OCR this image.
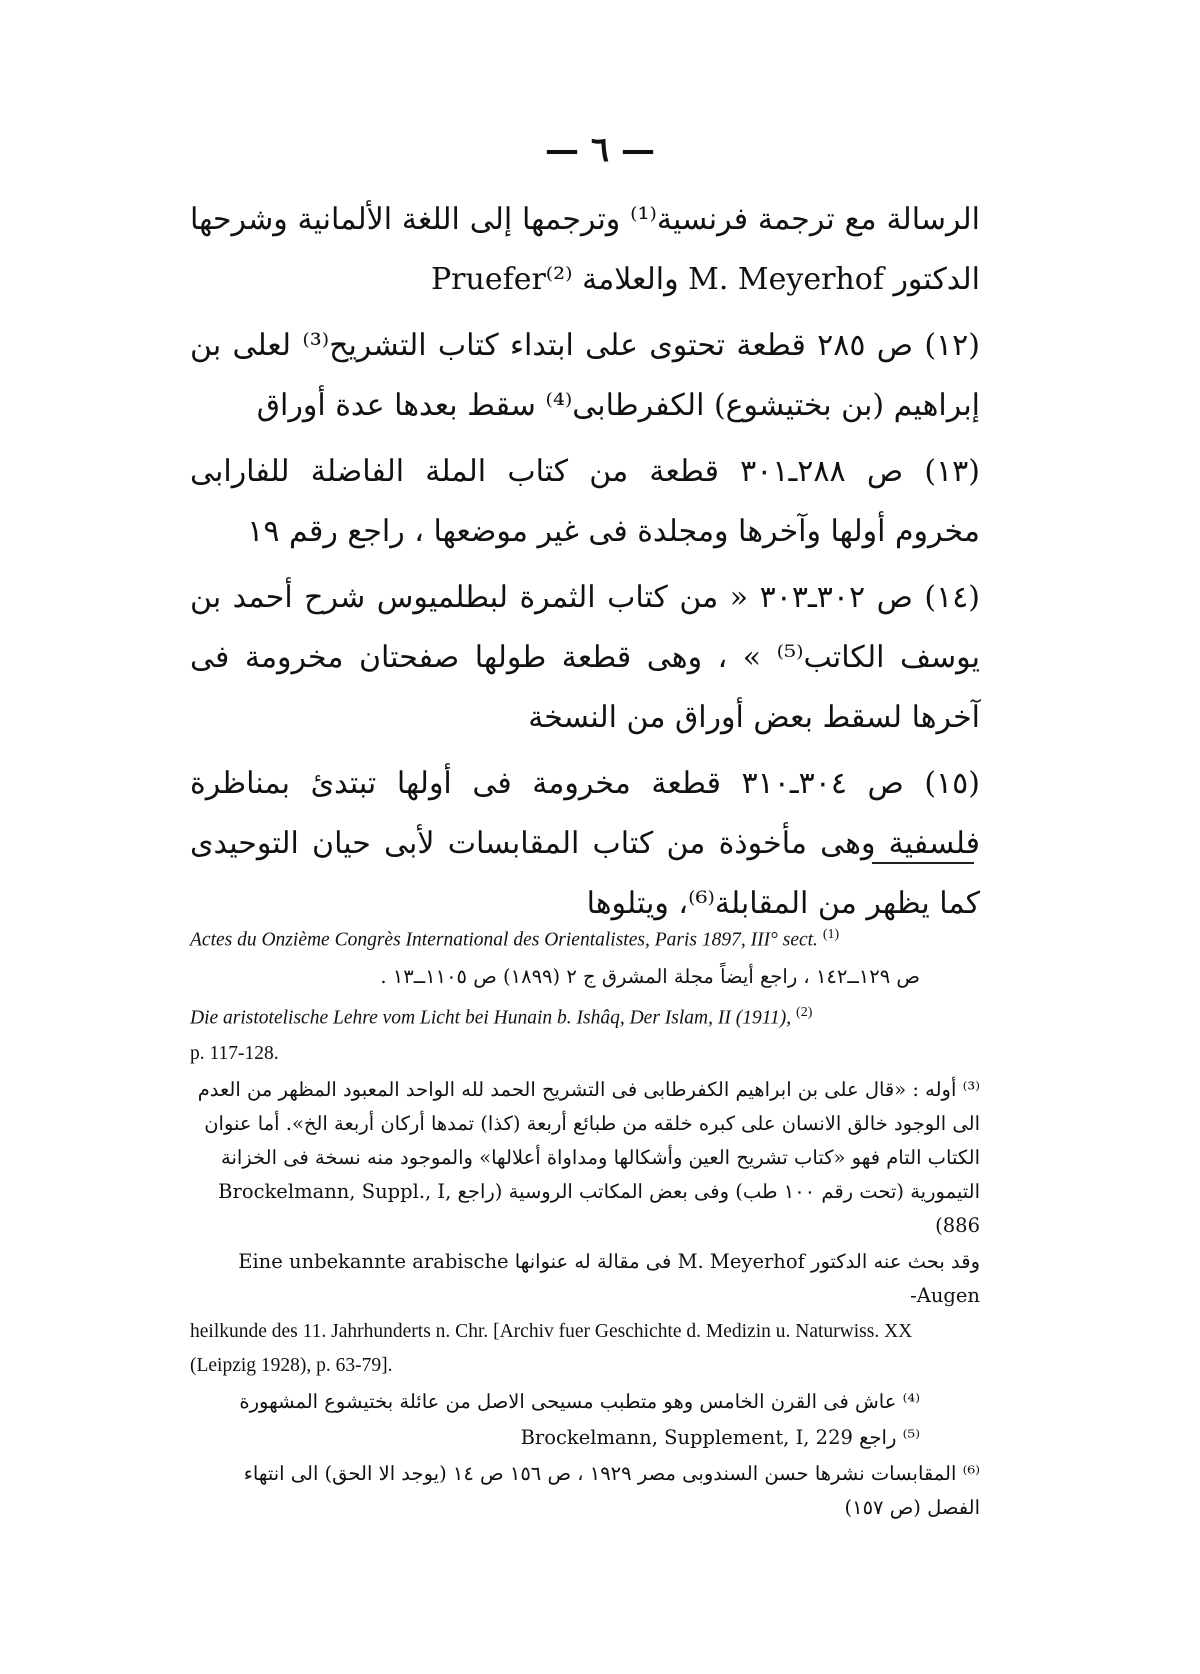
— ٦ —

الرسالة مع ترجمة فرنسية⁽¹⁾ وترجمها إلى اللغة الألمانية وشرحها الدكتور M. Meyerhof والعلامة Pruefer⁽²⁾

(١٢) ص ٢٨٥ قطعة تحتوى على ابتداء كتاب التشريح⁽³⁾ لعلى بن إبراهيم (بن بختيشوع) الكفرطابى⁽⁴⁾ سقط بعدها عدة أوراق

(١٣) ص ٢٨٨ـ٣٠١ قطعة من كتاب الملة الفاضلة للفارابى مخروم أولها وآخرها ومجلدة فى غير موضعها ، راجع رقم ١٩

(١٤) ص ٣٠٢ـ٣٠٣ « من كتاب الثمرة لبطلميوس شرح أحمد بن يوسف الكاتب⁽⁵⁾ » ، وهى قطعة طولها صفحتان مخرومة فى آخرها لسقط بعض أوراق من النسخة

(١٥) ص ٣٠٤ـ٣١٠ قطعة مخرومة فى أولها تبتدئ بمناظرة فلسفية وهى مأخوذة من كتاب المقابسات لأبى حيان التوحيدى كما يظهر من المقابلة⁽⁶⁾، ويتلوها

Actes du Onzième Congrès International des Orientalistes, Paris 1897, III° sect. $^{(1)}$
ص ١٢٩ــ١٤٢ ، راجع أيضاً مجلة المشرق ج ٢ (١٨٩٩) ص ١١٠٥ــ١٣ .
Die aristotelische Lehre vom Licht bei Hunain b. Ishâq, Der Islam, II (1911), $^{(2)}$
p. 117-128.
⁽³⁾ أوله : «قال على بن ابراهيم الكفرطابى فى التشريح الحمد لله الواحد المعبود المظهر من العدم الى الوجود خالق الانسان على كبره خلقه من طبائع أربعة (كذا) تمدها أركان أربعة الخ». أما عنوان الكتاب التام فهو «كتاب تشريح العين وأشكالها ومداواة أعلالها» والموجود منه نسخة فى الخزانة التيمورية (تحت رقم ١٠٠ طب) وفى بعض المكاتب الروسية (راجع Brockelmann, Suppl., I, 886)
وقد بحث عنه الدكتور M. Meyerhof فى مقالة له عنوانها Eine unbekannte arabische Augen-
heilkunde des 11. Jahrhunderts n. Chr. [Archiv fuer Geschichte d. Medizin u. Naturwiss. XX (Leipzig 1928), p. 63-79].
⁽⁴⁾ عاش فى القرن الخامس وهو متطبب مسيحى الاصل من عائلة بختيشوع المشهورة
⁽⁵⁾ راجع Brockelmann, Supplement, I, 229
⁽⁶⁾ المقابسات نشرها حسن السندوبى مصر ١٩٢٩ ، ص ١٥٦ ص ١٤ (يوجد الا الحق) الى انتهاء الفصل (ص ١٥٧)
